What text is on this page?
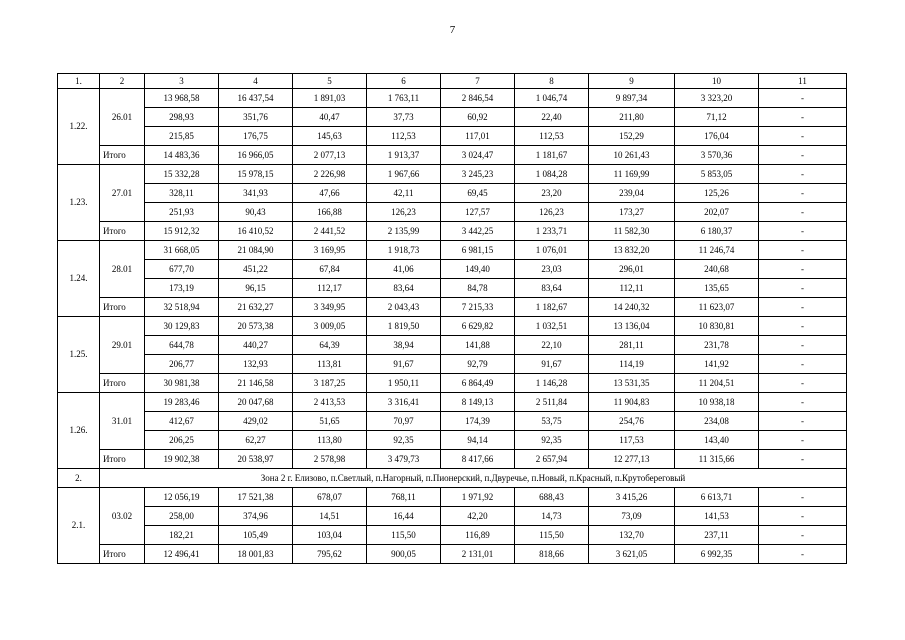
7
1.	2	3	4	5	6	7	8	9	10	11
1.22.	26.01	13 968,58	16 437,54	1 891,03	1 763,11	2 846,54	1 046,74	9 897,34	3 323,20	-
		298,93	351,76	40,47	37,73	60,92	22,40	211,80	71,12	-
		215,85	176,75	145,63	112,53	117,01	112,53	152,29	176,04	-
	Итого	14 483,36	16 966,05	2 077,13	1 913,37	3 024,47	1 181,67	10 261,43	3 570,36	-
1.23.	27.01	15 332,28	15 978,15	2 226,98	1 967,66	3 245,23	1 084,28	11 169,99	5 853,05	-
		328,11	341,93	47,66	42,11	69,45	23,20	239,04	125,26	-
		251,93	90,43	166,88	126,23	127,57	126,23	173,27	202,07	-
	Итого	15 912,32	16 410,52	2 441,52	2 135,99	3 442,25	1 233,71	11 582,30	6 180,37	-
1.24.	28.01	31 668,05	21 084,90	3 169,95	1 918,73	6 981,15	1 076,01	13 832,20	11 246,74	-
		677,70	451,22	67,84	41,06	149,40	23,03	296,01	240,68	-
		173,19	96,15	112,17	83,64	84,78	83,64	112,11	135,65	-
	Итого	32 518,94	21 632,27	3 349,95	2 043,43	7 215,33	1 182,67	14 240,32	11 623,07	-
1.25.	29.01	30 129,83	20 573,38	3 009,05	1 819,50	6 629,82	1 032,51	13 136,04	10 830,81	-
		644,78	440,27	64,39	38,94	141,88	22,10	281,11	231,78	-
		206,77	132,93	113,81	91,67	92,79	91,67	114,19	141,92	-
	Итого	30 981,38	21 146,58	3 187,25	1 950,11	6 864,49	1 146,28	13 531,35	11 204,51	-
1.26.	31.01	19 283,46	20 047,68	2 413,53	3 316,41	8 149,13	2 511,84	11 904,83	10 938,18	-
		412,67	429,02	51,65	70,97	174,39	53,75	254,76	234,08	-
		206,25	62,27	113,80	92,35	94,14	92,35	117,53	143,40	-
	Итого	19 902,38	20 538,97	2 578,98	3 479,73	8 417,66	2 657,94	12 277,13	11 315,66	-
2.	Зона 2 г. Елизово, п.Светлый, п.Нагорный, п.Пионерский, п.Двуречье, п.Новый, п.Красный, п.Крутобереговый									
2.1.	03.02	12 056,19	17 521,38	678,07	768,11	1 971,92	688,43	3 415,26	6 613,71	-
		258,00	374,96	14,51	16,44	42,20	14,73	73,09	141,53	-
		182,21	105,49	103,04	115,50	116,89	115,50	132,70	237,11	-
	Итого	12 496,41	18 001,83	795,62	900,05	2 131,01	818,66	3 621,05	6 992,35	-
